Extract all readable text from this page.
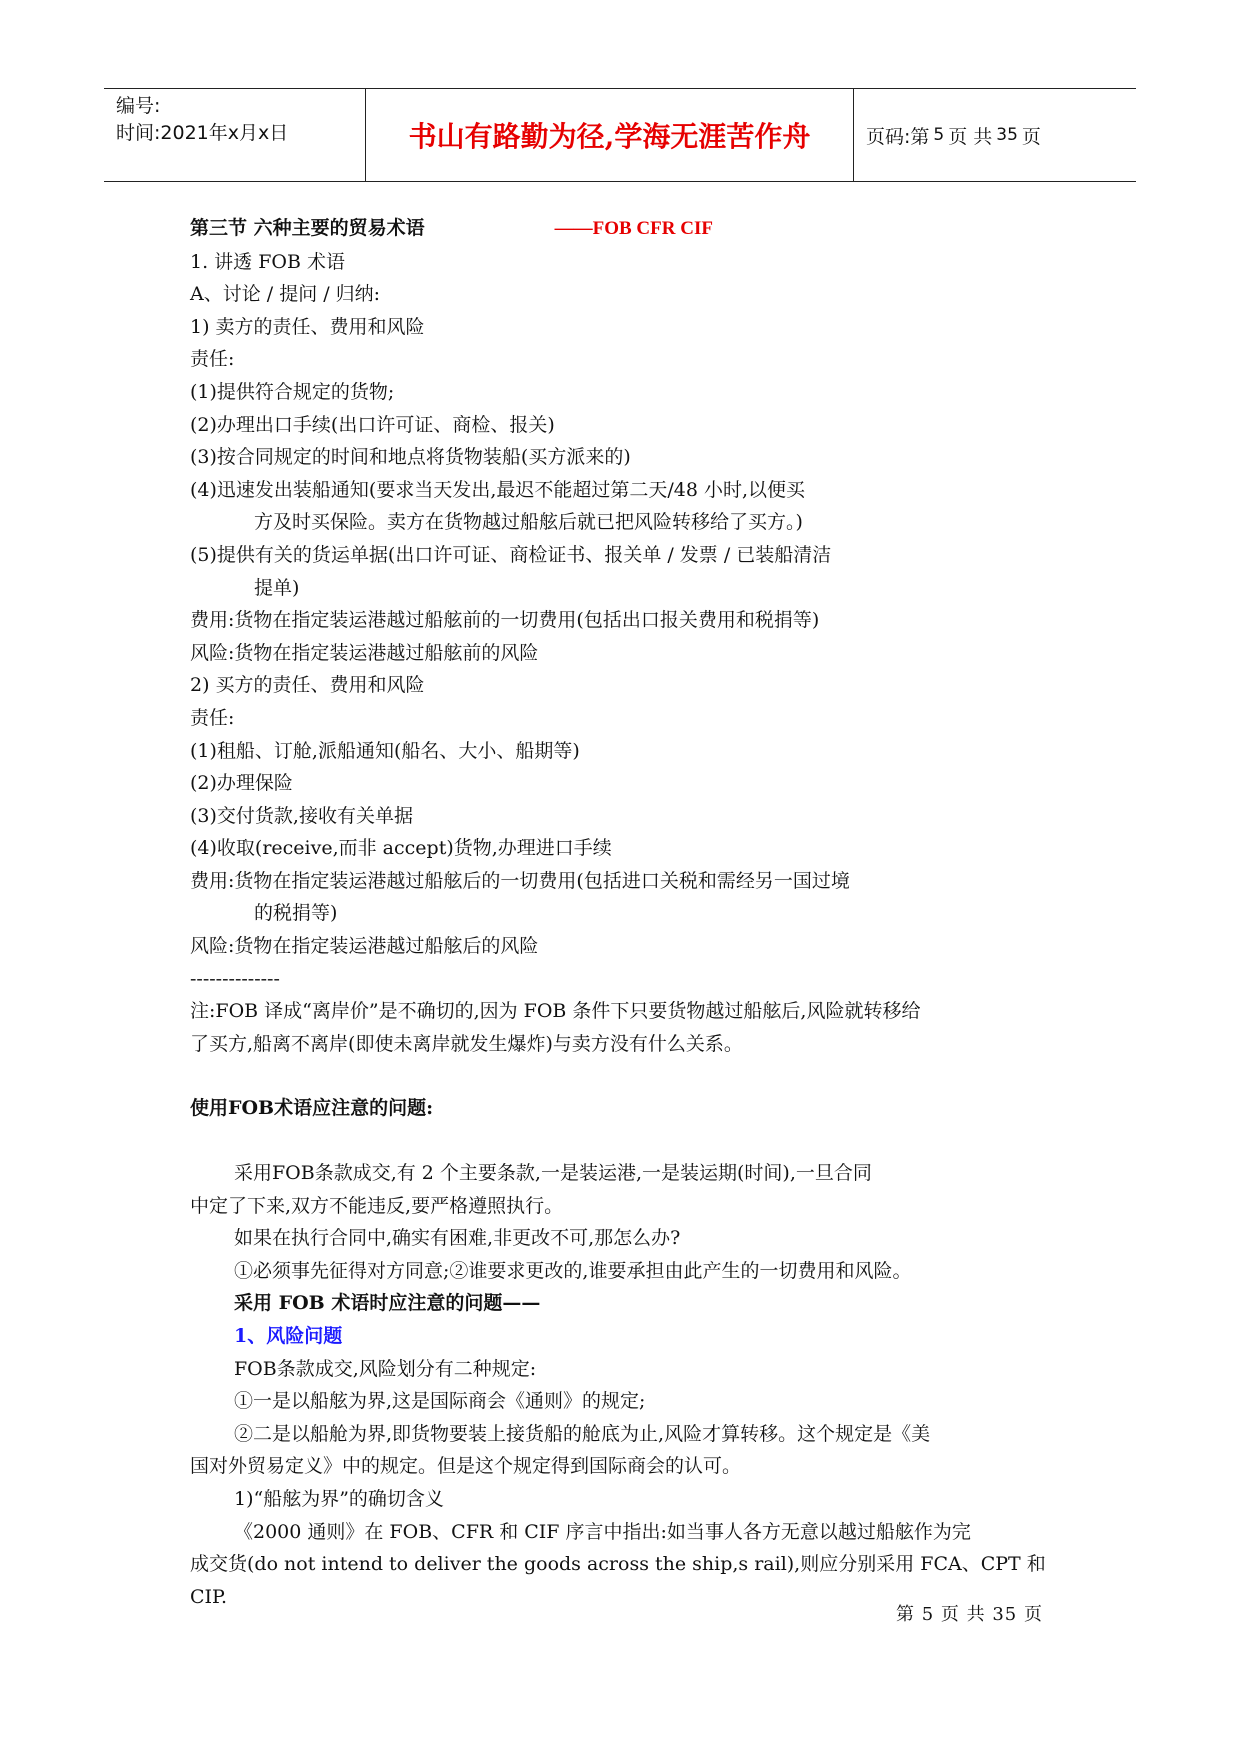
编号:
时间:2021年x月x日	书山有路勤为径,学海无涯苦作舟	页码:第 5 页 共 35 页
第三节 六种主要的贸易术语	——FOB CFR CIF
1. 讲透 FOB 术语
A、讨论 / 提问 / 归纳:
1) 卖方的责任、费用和风险
责任:
(1)提供符合规定的货物;
(2)办理出口手续(出口许可证、商检、报关)
(3)按合同规定的时间和地点将货物装船(买方派来的)
(4)迅速发出装船通知(要求当天发出,最迟不能超过第二天/48 小时,以便买
方及时买保险。卖方在货物越过船舷后就已把风险转移给了买方。)
(5)提供有关的货运单据(出口许可证、商检证书、报关单 / 发票 / 已装船清洁
提单)
费用:货物在指定装运港越过船舷前的一切费用(包括出口报关费用和税捐等)
风险:货物在指定装运港越过船舷前的风险
2) 买方的责任、费用和风险
责任:
(1)租船、订舱,派船通知(船名、大小、船期等)
(2)办理保险
(3)交付货款,接收有关单据
(4)收取(receive,而非 accept)货物,办理进口手续
费用:货物在指定装运港越过船舷后的一切费用(包括进口关税和需经另一国过境
的税捐等)
风险:货物在指定装运港越过船舷后的风险
--------------
注:FOB 译成“离岸价”是不确切的,因为 FOB 条件下只要货物越过船舷后,风险就转移给
了买方,船离不离岸(即使未离岸就发生爆炸)与卖方没有什么关系。
使用FOB术语应注意的问题:
采用FOB条款成交,有 2 个主要条款,一是装运港,一是装运期(时间),一旦合同
中定了下来,双方不能违反,要严格遵照执行。
如果在执行合同中,确实有困难,非更改不可,那怎么办?
①必须事先征得对方同意;②谁要求更改的,谁要承担由此产生的一切费用和风险。
采用 FOB 术语时应注意的问题——
1、风险问题
FOB条款成交,风险划分有二种规定:
①一是以船舷为界,这是国际商会《通则》的规定;
②二是以船舱为界,即货物要装上接货船的舱底为止,风险才算转移。这个规定是《美
国对外贸易定义》中的规定。但是这个规定得到国际商会的认可。
1)“船舷为界”的确切含义
《2000 通则》在 FOB、CFR 和 CIF 序言中指出:如当事人各方无意以越过船舷作为完
成交货(do not intend to deliver the goods across the ship,s rail),则应分别采用 FCA、CPT 和
CIP.
第 5 页 共 35 页
